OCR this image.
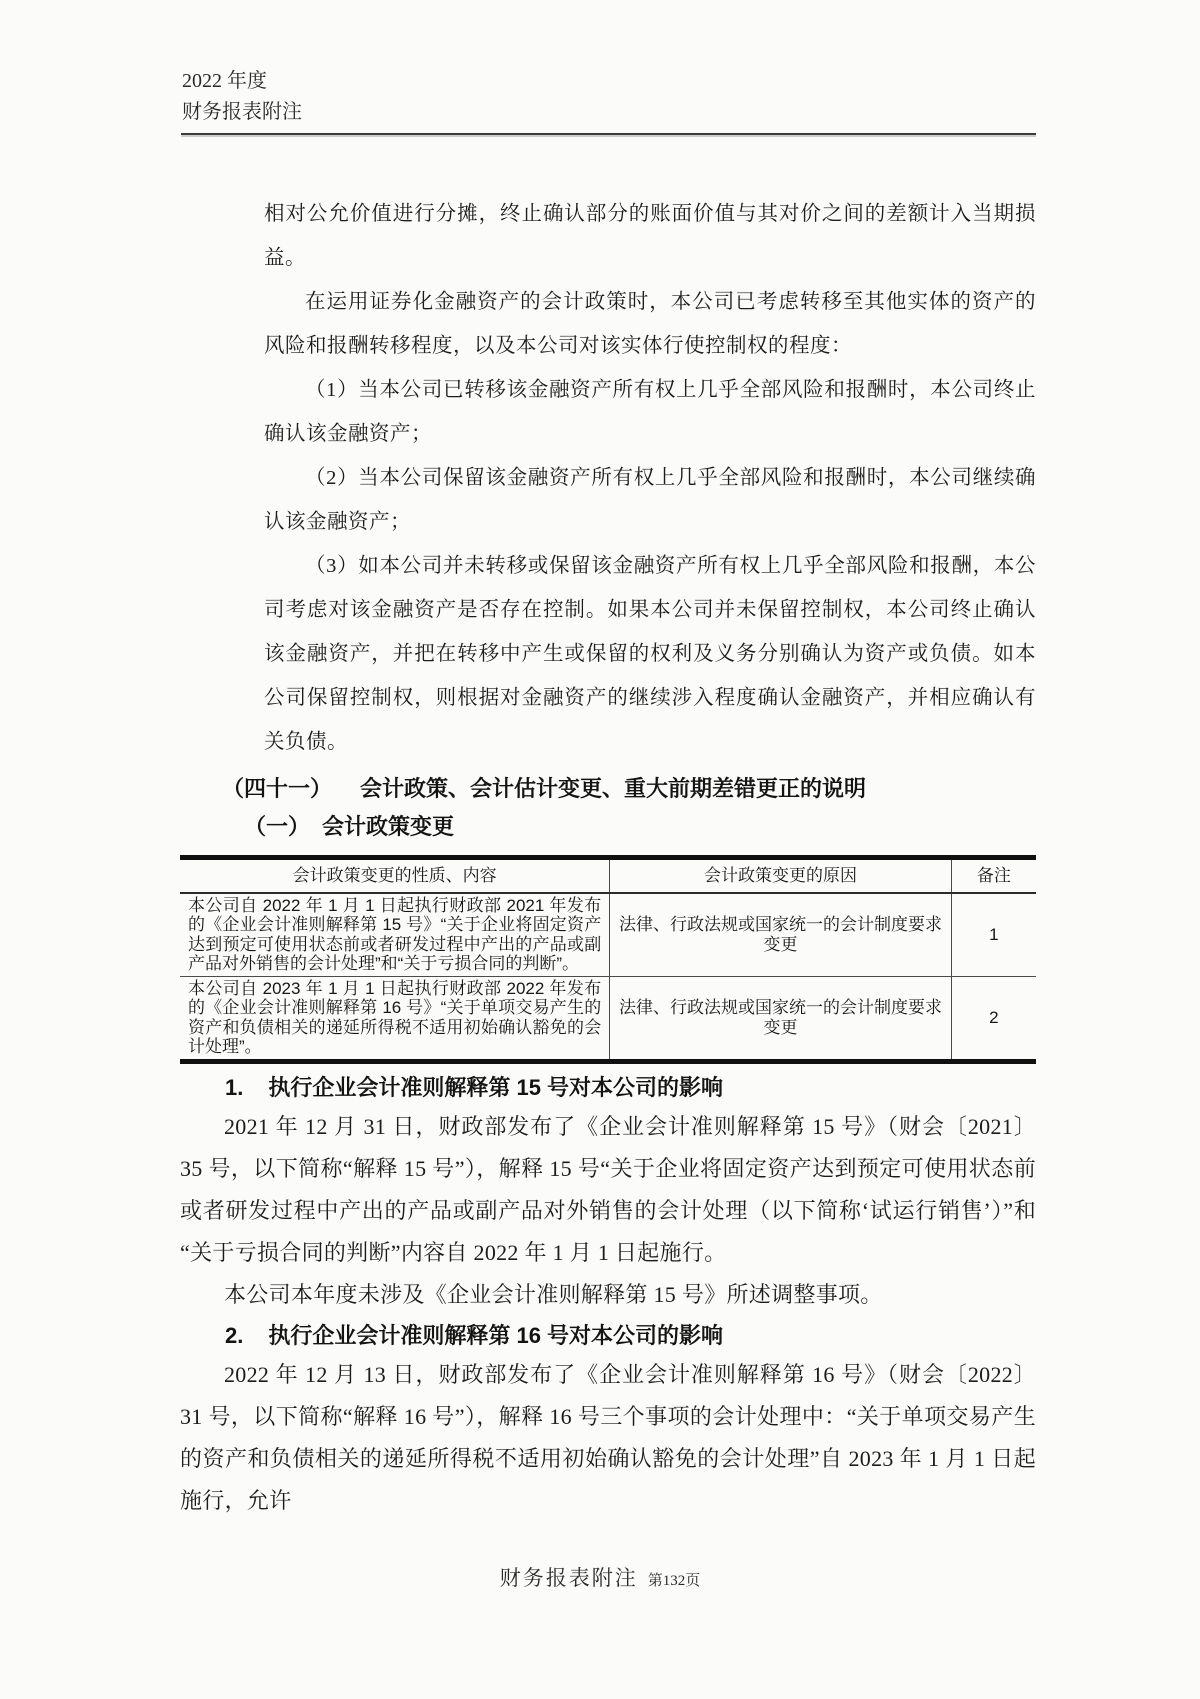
2022 年度
财务报表附注

相对公允价值进行分摊，终止确认部分的账面价值与其对价之间的差额计入当期损益。

在运用证券化金融资产的会计政策时，本公司已考虑转移至其他实体的资产的风险和报酬转移程度，以及本公司对该实体行使控制权的程度：

（1）当本公司已转移该金融资产所有权上几乎全部风险和报酬时，本公司终止确认该金融资产；

（2）当本公司保留该金融资产所有权上几乎全部风险和报酬时，本公司继续确认该金融资产；

（3）如本公司并未转移或保留该金融资产所有权上几乎全部风险和报酬，本公司考虑对该金融资产是否存在控制。如果本公司并未保留控制权，本公司终止确认该金融资产，并把在转移中产生或保留的权利及义务分别确认为资产或负债。如本公司保留控制权，则根据对金融资产的继续涉入程度确认金融资产，并相应确认有关负债。

（四十一） 会计政策、会计估计变更、重大前期差错更正的说明
（一） 会计政策变更
会计政策变更的性质、内容	会计政策变更的原因	备注
本公司自 2022 年 1 月 1 日起执行财政部 2021 年发布的《企业会计准则解释第 15 号》“关于企业将固定资产达到预定可使用状态前或者研发过程中产出的产品或副产品对外销售的会计处理”和“关于亏损合同的判断”。	法律、行政法规或国家统一的会计制度要求变更	1
本公司自 2023 年 1 月 1 日起执行财政部 2022 年发布的《企业会计准则解释第 16 号》“关于单项交易产生的资产和负债相关的递延所得税不适用初始确认豁免的会计处理”。	法律、行政法规或国家统一的会计制度要求变更	2
1. 执行企业会计准则解释第 15 号对本公司的影响

2021 年 12 月 31 日，财政部发布了《企业会计准则解释第 15 号》（财会〔2021〕35 号，以下简称“解释 15 号”），解释 15 号“关于企业将固定资产达到预定可使用状态前或者研发过程中产出的产品或副产品对外销售的会计处理（以下简称‘试运行销售’）”和“关于亏损合同的判断”内容自 2022 年 1 月 1 日起施行。

本公司本年度未涉及《企业会计准则解释第 15 号》所述调整事项。

2. 执行企业会计准则解释第 16 号对本公司的影响

2022 年 12 月 13 日，财政部发布了《企业会计准则解释第 16 号》（财会〔2022〕31 号，以下简称“解释 16 号”），解释 16 号三个事项的会计处理中：“关于单项交易产生的资产和负债相关的递延所得税不适用初始确认豁免的会计处理”自 2023 年 1 月 1 日起施行，允许

财务报表附注 第132页
